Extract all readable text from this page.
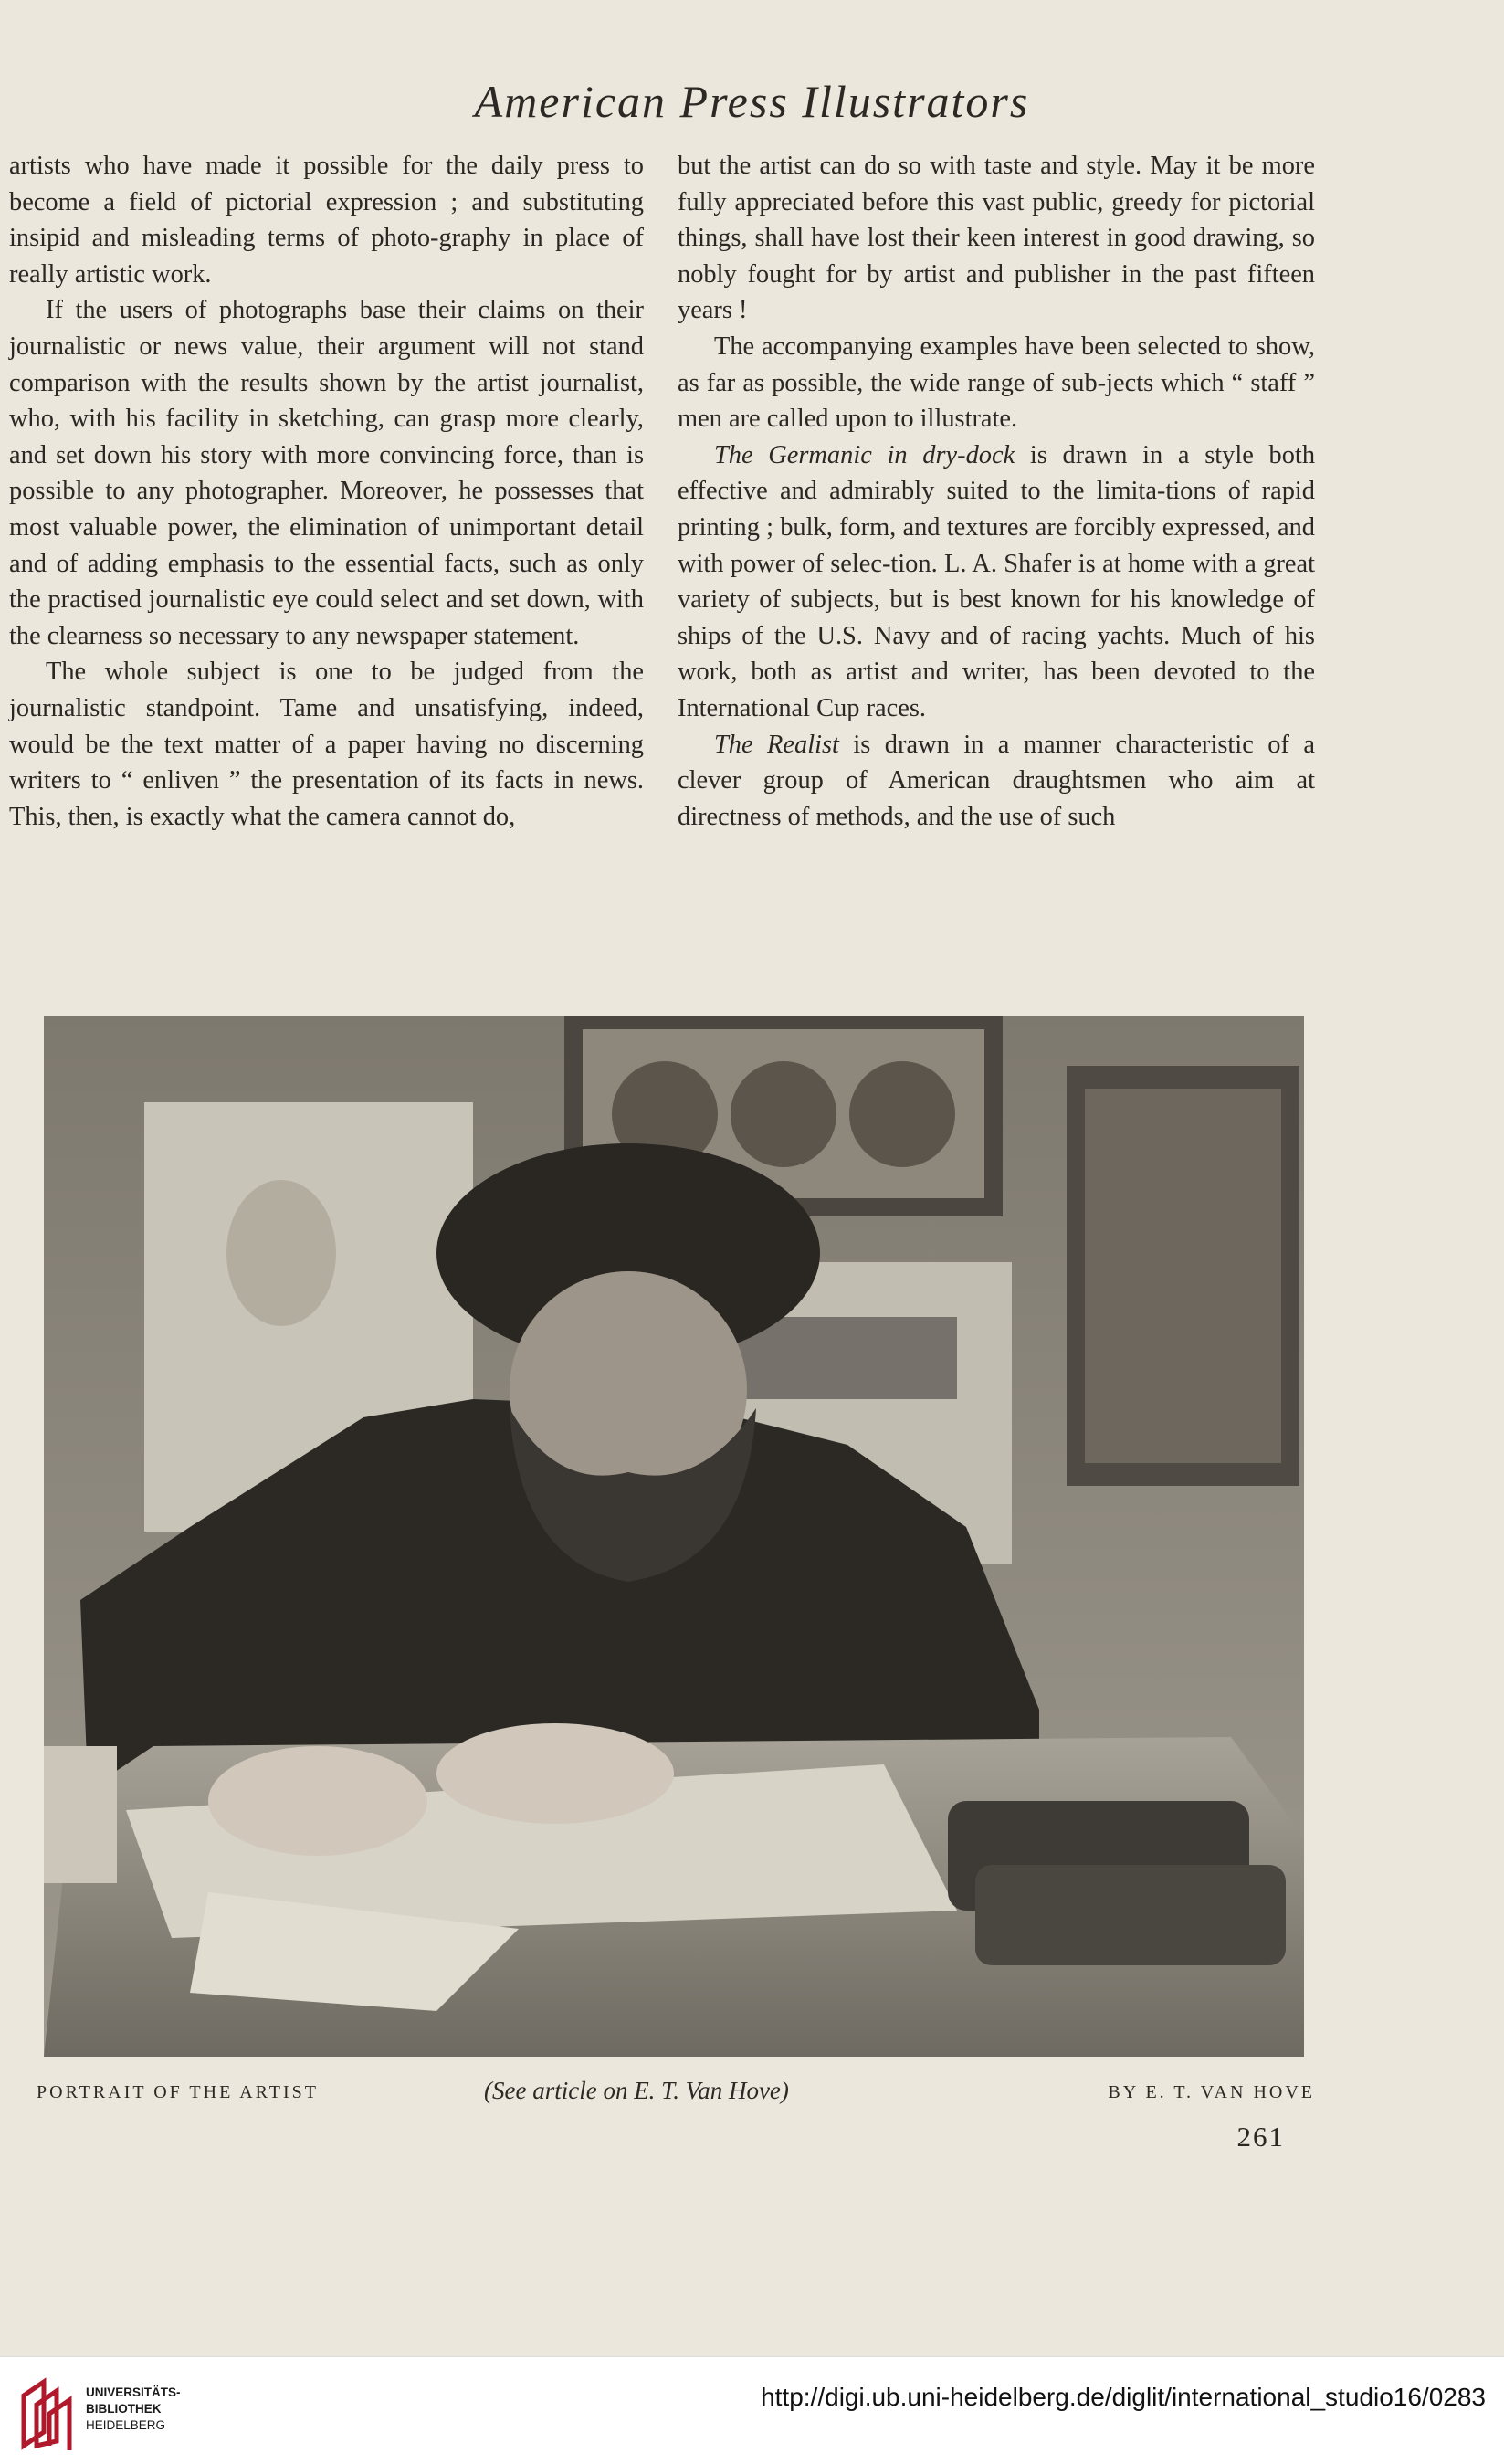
American Press Illustrators

artists who have made it possible for the daily press to become a field of pictorial expression ; and substituting insipid and misleading terms of photo-graphy in place of really artistic work.

If the users of photographs base their claims on their journalistic or news value, their argument will not stand comparison with the results shown by the artist journalist, who, with his facility in sketching, can grasp more clearly, and set down his story with more convincing force, than is possible to any photographer. Moreover, he possesses that most valuable power, the elimination of unimportant detail and of adding emphasis to the essential facts, such as only the practised journalistic eye could select and set down, with the clearness so necessary to any newspaper statement.

The whole subject is one to be judged from the journalistic standpoint. Tame and unsatisfying, indeed, would be the text matter of a paper having no discerning writers to “ enliven ” the presentation of its facts in news. This, then, is exactly what the camera cannot do,

but the artist can do so with taste and style. May it be more fully appreciated before this vast public, greedy for pictorial things, shall have lost their keen interest in good drawing, so nobly fought for by artist and publisher in the past fifteen years !

The accompanying examples have been selected to show, as far as possible, the wide range of sub-jects which “ staff ” men are called upon to illustrate.

The Germanic in dry-dock is drawn in a style both effective and admirably suited to the limita-tions of rapid printing ; bulk, form, and textures are forcibly expressed, and with power of selec-tion. L. A. Shafer is at home with a great variety of subjects, but is best known for his knowledge of ships of the U.S. Navy and of racing yachts. Much of his work, both as artist and writer, has been devoted to the International Cup races.

The Realist is drawn in a manner characteristic of a clever group of American draughtsmen who aim at directness of methods, and the use of such

PORTRAIT OF THE ARTIST	(See article on E. T. Van Hove)	BY E. T. VAN HOVE
261
UNIVERSITÄTS-
BIBLIOTHEK
HEIDELBERG
http://digi.ub.uni-heidelberg.de/diglit/international_studio16/0283
